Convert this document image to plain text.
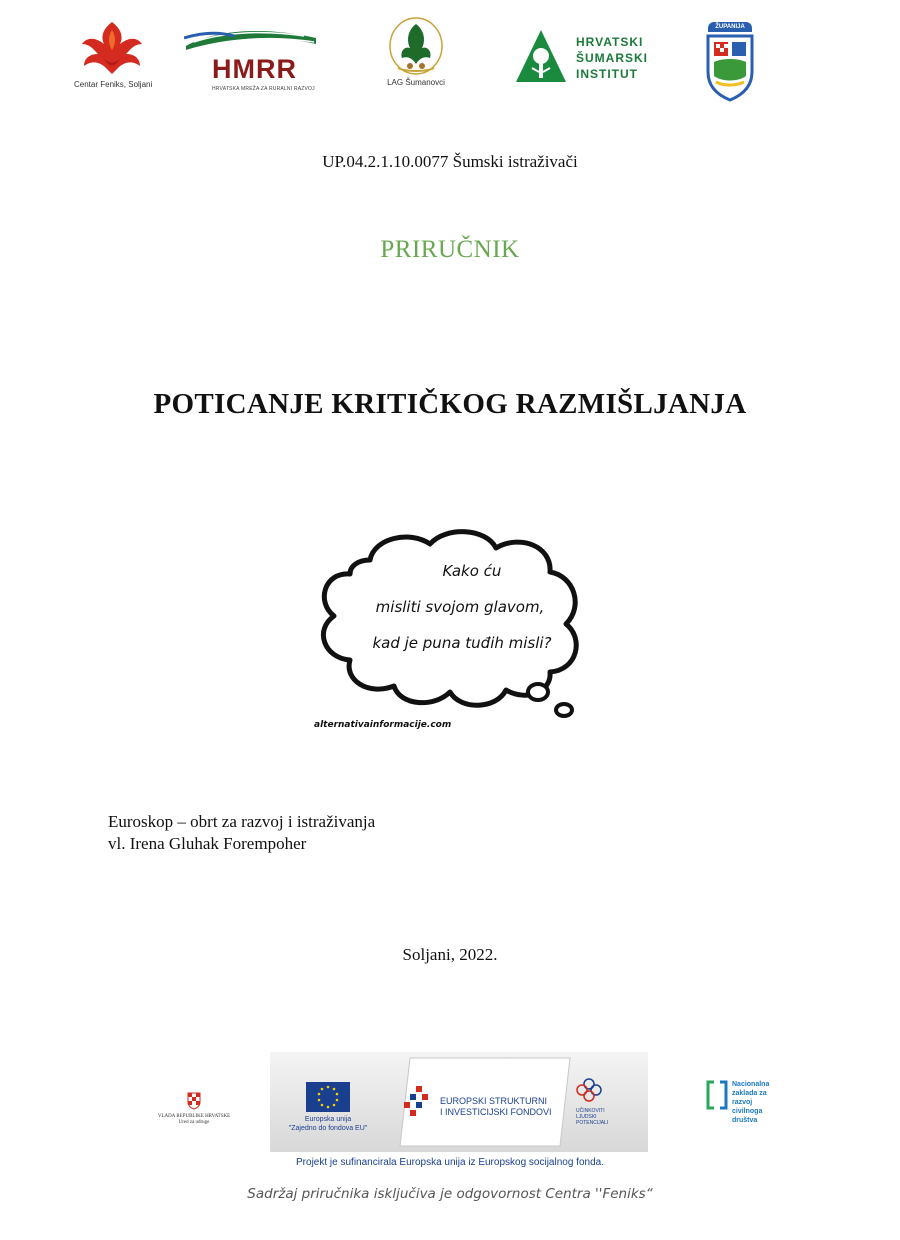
Centar Feniks, Soljani
HMRR
HRVATSKA MREŽA ZA RURALNI RAZVOJ
LAG Šumanovci
HRVATSKI
ŠUMARSKI
INSTITUT
ŽUPANIJA
UP.04.2.1.10.0077 Šumski istraživači
PRIRUČNIK
POTICANJE KRITIČKOG RAZMIŠLJANJA
Kako ću
misliti svojom glavom,
kad je puna tuđih misli?
alternativainformacije.com
Euroskop – obrt za razvoj i istraživanja
vl. Irena Gluhak Forempoher
Soljani, 2022.
VLADA REPUBLIKE HRVATSKE
Ured za udruge	Europska unija
"Zajedno do fondova EU"
EUROPSKI STRUKTURNI
I INVESTICIJSKI FONDOVI	UČINKOVITI
LJUDSKI
POTENCIJALI
Nacionalna
zaklada za
razvoj
civilnoga
društva
Projekt je sufinancirala Europska unija iz Europskog socijalnog fonda.
Sadržaj priručnika isključiva je odgovornost Centra ''Feniks“
